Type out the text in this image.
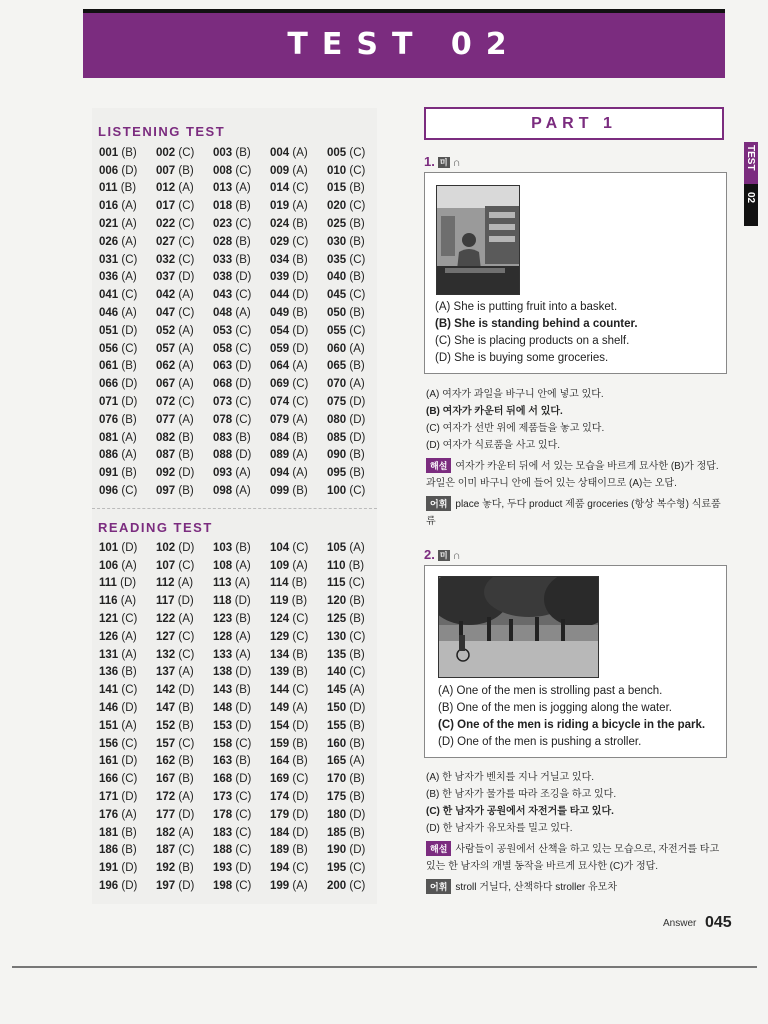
TEST 02
LISTENING TEST
001 (B)	002 (C)	003 (B)	004 (A)	005 (C)
006 (D)	007 (B)	008 (C)	009 (A)	010 (C)
011 (B)	012 (A)	013 (A)	014 (C)	015 (B)
016 (A)	017 (C)	018 (B)	019 (A)	020 (C)
021 (A)	022 (C)	023 (C)	024 (B)	025 (B)
026 (A)	027 (C)	028 (B)	029 (C)	030 (B)
031 (C)	032 (C)	033 (B)	034 (B)	035 (C)
036 (A)	037 (D)	038 (D)	039 (D)	040 (B)
041 (C)	042 (A)	043 (C)	044 (D)	045 (C)
046 (A)	047 (C)	048 (A)	049 (B)	050 (B)
051 (D)	052 (A)	053 (C)	054 (D)	055 (C)
056 (C)	057 (A)	058 (C)	059 (D)	060 (A)
061 (B)	062 (A)	063 (D)	064 (A)	065 (B)
066 (D)	067 (A)	068 (D)	069 (C)	070 (A)
071 (D)	072 (C)	073 (C)	074 (C)	075 (D)
076 (B)	077 (A)	078 (C)	079 (A)	080 (D)
081 (A)	082 (B)	083 (B)	084 (B)	085 (D)
086 (A)	087 (B)	088 (D)	089 (A)	090 (B)
091 (B)	092 (D)	093 (A)	094 (A)	095 (B)
096 (C)	097 (B)	098 (A)	099 (B)	100 (C)
READING TEST
101 (D)	102 (D)	103 (B)	104 (C)	105 (A)
106 (A)	107 (C)	108 (A)	109 (A)	110 (B)
111 (D)	112 (A)	113 (A)	114 (B)	115 (C)
116 (A)	117 (D)	118 (D)	119 (B)	120 (B)
121 (C)	122 (A)	123 (B)	124 (C)	125 (B)
126 (A)	127 (C)	128 (A)	129 (C)	130 (C)
131 (A)	132 (C)	133 (A)	134 (B)	135 (B)
136 (B)	137 (A)	138 (D)	139 (B)	140 (C)
141 (C)	142 (D)	143 (B)	144 (C)	145 (A)
146 (D)	147 (B)	148 (D)	149 (A)	150 (D)
151 (A)	152 (B)	153 (D)	154 (D)	155 (B)
156 (C)	157 (C)	158 (C)	159 (B)	160 (B)
161 (D)	162 (B)	163 (B)	164 (B)	165 (A)
166 (C)	167 (B)	168 (D)	169 (C)	170 (B)
171 (D)	172 (A)	173 (C)	174 (D)	175 (B)
176 (A)	177 (D)	178 (C)	179 (D)	180 (D)
181 (B)	182 (A)	183 (C)	184 (D)	185 (B)
186 (B)	187 (C)	188 (C)	189 (B)	190 (D)
191 (D)	192 (B)	193 (D)	194 (C)	195 (C)
196 (D)	197 (D)	198 (C)	199 (A)	200 (C)
PART 1
TEST
02
1. 미 ∩
(A) She is putting fruit into a basket.
(B) She is standing behind a counter.
(C) She is placing products on a shelf.
(D) She is buying some groceries.
(A) 여자가 과일을 바구니 안에 넣고 있다.
(B) 여자가 카운터 뒤에 서 있다.
(C) 여자가 선반 위에 제품들을 놓고 있다.
(D) 여자가 식료품을 사고 있다.
해설 여자가 카운터 뒤에 서 있는 모습을 바르게 묘사한 (B)가 정답.
과일은 이미 바구니 안에 들어 있는 상태이므로 (A)는 오답.
어휘 place 놓다, 두다 product 제품 groceries (항상 복수형) 식료품
류
2. 미 ∩
(A) One of the men is strolling past a bench.
(B) One of the men is jogging along the water.
(C) One of the men is riding a bicycle in the park.
(D) One of the men is pushing a stroller.
(A) 한 남자가 벤치를 지나 거닐고 있다.
(B) 한 남자가 물가를 따라 조깅을 하고 있다.
(C) 한 남자가 공원에서 자전거를 타고 있다.
(D) 한 남자가 유모차를 밀고 있다.
해설 사람들이 공원에서 산책을 하고 있는 모습으로, 자전거를 타고
있는 한 남자의 개별 동작을 바르게 묘사한 (C)가 정답.
어휘 stroll 거닐다, 산책하다 stroller 유모차
Answer 045
